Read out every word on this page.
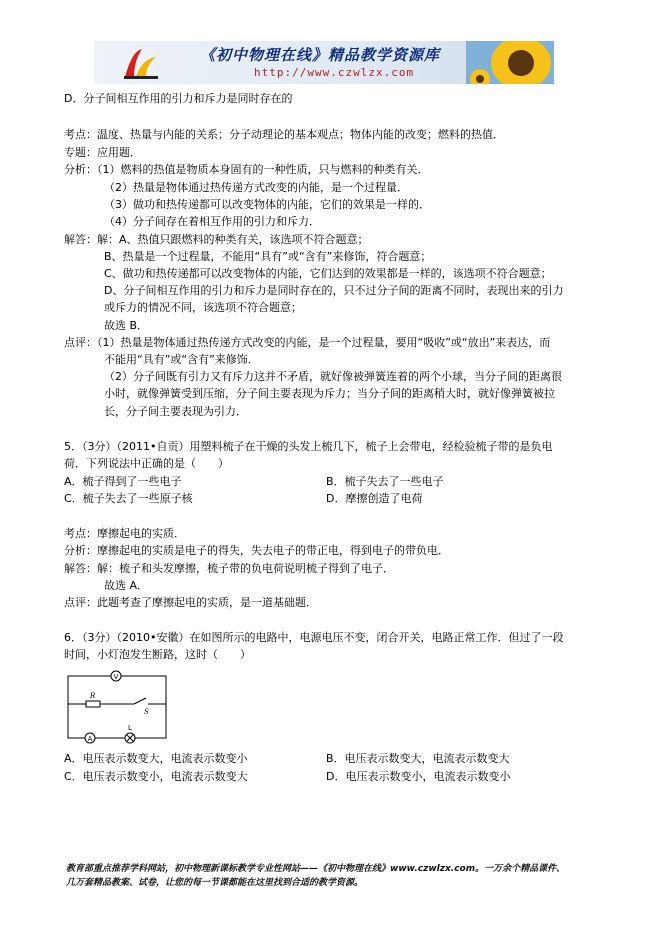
《初中物理在线》精品教学资源库
http://www.czwlzx.com
D．分子间相互作用的引力和斥力是同时存在的
考点：温度、热量与内能的关系；分子动理论的基本观点；物体内能的改变；燃料的热值．
专题：应用题．
分析：（1）燃料的热值是物质本身固有的一种性质，只与燃料的种类有关．
（2）热量是物体通过热传递方式改变的内能，是一个过程量．
（3）做功和热传递都可以改变物体的内能，它们的效果是一样的．
（4）分子间存在着相互作用的引力和斥力．
解答：解：A、热值只跟燃料的种类有关，该选项不符合题意；
B、热量是一个过程量，不能用“具有”或“含有”来修饰，符合题意；
C、做功和热传递都可以改变物体的内能，它们达到的效果都是一样的，该选项不符合题意；
D、分子间相互作用的引力和斥力是同时存在的，只不过分子间的距离不同时，表现出来的引力
或斥力的情况不同，该选项不符合题意；
故选 B．
点评：（1）热量是物体通过热传递方式改变的内能，是一个过程量，要用“吸收”或“放出”来表达，而
不能用“具有”或“含有”来修饰．
（2）分子间既有引力又有斥力这并不矛盾，就好像被弹簧连着的两个小球，当分子间的距离很
小时，就像弹簧受到压缩，分子间主要表现为斥力；当分子间的距离稍大时，就好像弹簧被拉
长，分子间主要表现为引力．
5．（3分）（2011•自贡）用塑料梳子在干燥的头发上梳几下，梳子上会带电，经检验梳子带的是负电
荷．下列说法中正确的是（　　）
A．梳子得到了一些电子	B．梳子失去了一些电子
C．梳子失去了一些原子核	D．摩擦创造了电荷
考点：摩擦起电的实质．
分析：摩擦起电的实质是电子的得失，失去电子的带正电，得到电子的带负电．
解答：解：梳子和头发摩擦，梳子带的负电荷说明梳子得到了电子．
故选 A．
点评：此题考查了摩擦起电的实质，是一道基础题．
6．（3分）（2010•安徽）在如图所示的电路中，电源电压不变，闭合开关，电路正常工作．但过了一段
时间，小灯泡发生断路，这时（　　）
V
R
S
L
A
A．电压表示数变大，电流表示数变小	B．电压表示数变大，电流表示数变大
C．电压表示数变小，电流表示数变大	D．电压表示数变小，电流表示数变小
教育部重点推荐学科网站，初中物理新课标教学专业性网站——《初中物理在线》www.czwlzx.com。一万余个精品课件、
几万套精品教案、试卷，让您的每一节课都能在这里找到合适的教学资源。
